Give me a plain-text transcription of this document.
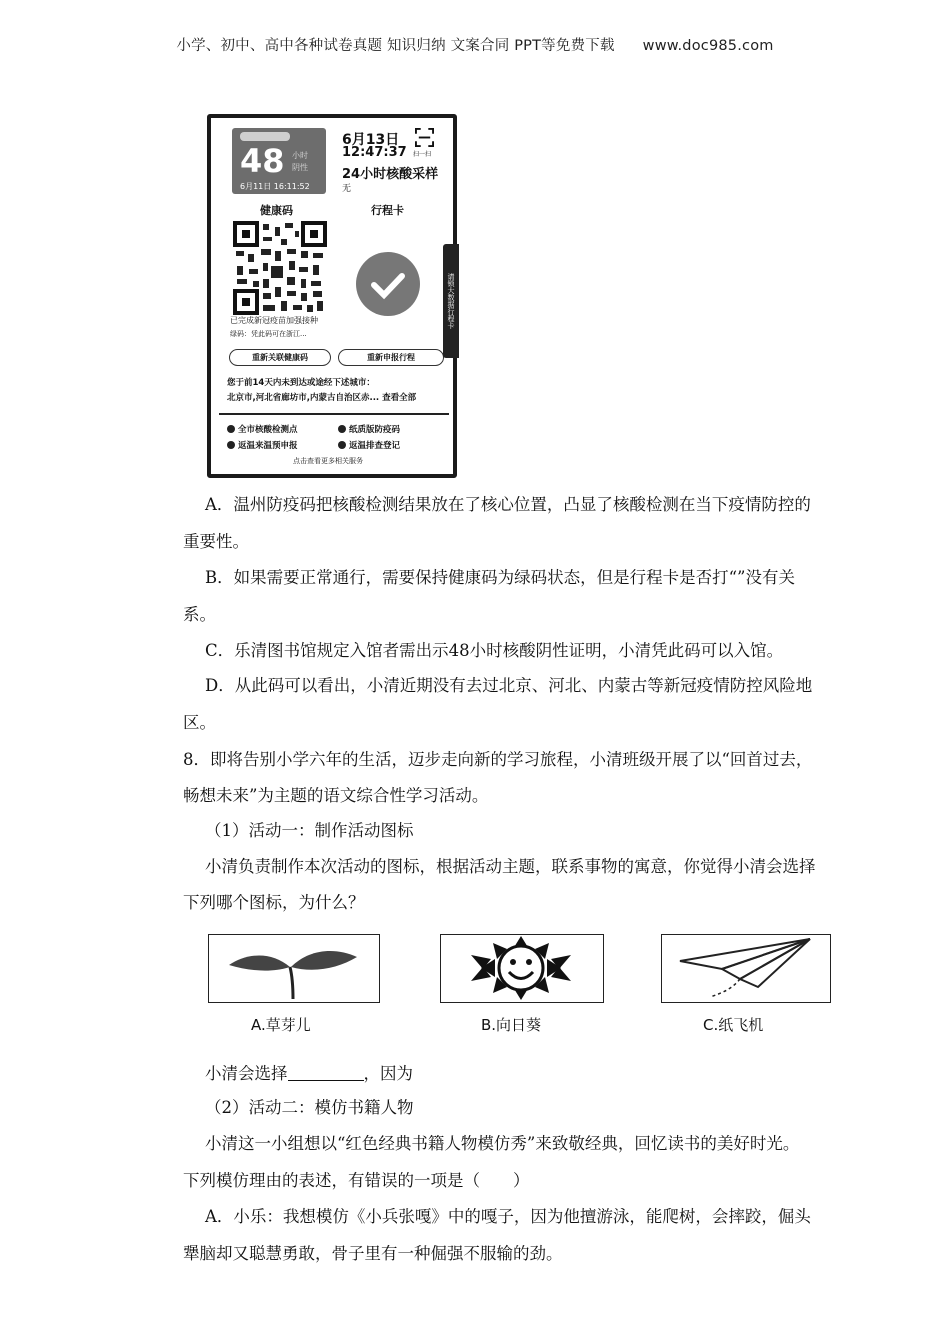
小学、初中、高中各种试卷真题 知识归纳 文案合同 PPT等免费下载 www.doc985.com
48 小时
阴性
6月11日 16:11:52
6月13日
12:47:37
24小时核酸采样
无
扫一扫
健康码	行程卡
已完成新冠疫苗加强接种
绿码：凭此码可在浙江...
重新关联健康码	重新申报行程
您于前14天内未到达或途经下述城市：
北京市,河北省廊坊市,内蒙古自治区赤... 查看全部
全市核酸检测点	纸质版防疫码
返温来温预申报	返温排查登记
点击查看更多相关服务
请锁大数据行程卡
A．温州防疫码把核酸检测结果放在了核心位置，凸显了核酸检测在当下疫情防控的
重要性。
B．如果需要正常通行，需要保持健康码为绿码状态，但是行程卡是否打“”没有关
系。
C．乐清图书馆规定入馆者需出示48小时核酸阴性证明，小清凭此码可以入馆。
D．从此码可以看出，小清近期没有去过北京、河北、内蒙古等新冠疫情防控风险地
区。
8．即将告别小学六年的生活，迈步走向新的学习旅程，小清班级开展了以“回首过去，
畅想未来”为主题的语文综合性学习活动。
（1）活动一：制作活动图标
小清负责制作本次活动的图标，根据活动主题，联系事物的寓意，你觉得小清会选择
下列哪个图标，为什么？
A.草芽儿	B.向日葵	C.纸飞机
小清会选择	，因为
（2）活动二：模仿书籍人物
小清这一小组想以“红色经典书籍人物模仿秀”来致敬经典，回忆读书的美好时光。
下列模仿理由的表述，有错误的一项是（　　）
A．小乐：我想模仿《小兵张嘎》中的嘎子，因为他擅游泳，能爬树，会摔跤，倔头
犟脑却又聪慧勇敢，骨子里有一种倔强不服输的劲。
